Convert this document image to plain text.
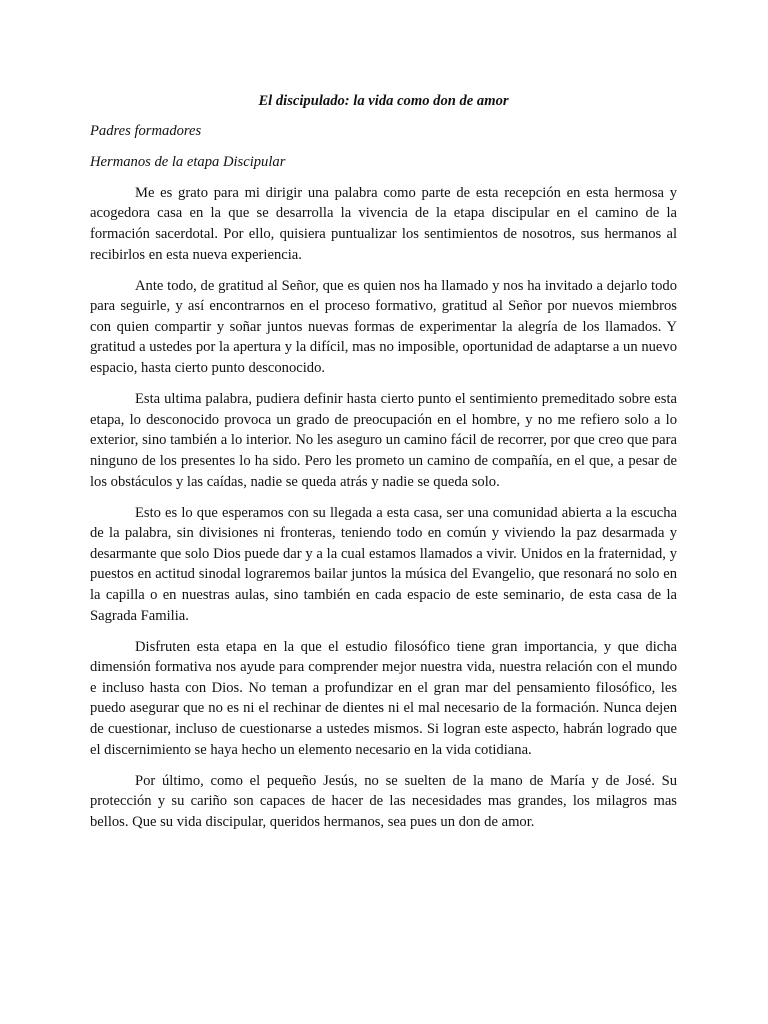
El discipulado: la vida como don de amor

Padres formadores

Hermanos de la etapa Discipular

Me es grato para mi dirigir una palabra como parte de esta recepción en esta hermosa y acogedora casa en la que se desarrolla la vivencia de la etapa discipular en el camino de la formación sacerdotal. Por ello, quisiera puntualizar los sentimientos de nosotros, sus hermanos al recibirlos en esta nueva experiencia.

Ante todo, de gratitud al Señor, que es quien nos ha llamado y nos ha invitado a dejarlo todo para seguirle, y así encontrarnos en el proceso formativo, gratitud al Señor por nuevos miembros con quien compartir y soñar juntos nuevas formas de experimentar la alegría de los llamados. Y gratitud a ustedes por la apertura y la difícil, mas no imposible, oportunidad de adaptarse a un nuevo espacio, hasta cierto punto desconocido.

Esta ultima palabra, pudiera definir hasta cierto punto el sentimiento premeditado sobre esta etapa, lo desconocido provoca un grado de preocupación en el hombre, y no me refiero solo a lo exterior, sino también a lo interior. No les aseguro un camino fácil de recorrer, por que creo que para ninguno de los presentes lo ha sido. Pero les prometo un camino de compañía, en el que, a pesar de los obstáculos y las caídas, nadie se queda atrás y nadie se queda solo.

Esto es lo que esperamos con su llegada a esta casa, ser una comunidad abierta a la escucha de la palabra, sin divisiones ni fronteras, teniendo todo en común y viviendo la paz desarmada y desarmante que solo Dios puede dar y a la cual estamos llamados a vivir. Unidos en la fraternidad, y puestos en actitud sinodal lograremos bailar juntos la música del Evangelio, que resonará no solo en la capilla o en nuestras aulas, sino también en cada espacio de este seminario, de esta casa de la Sagrada Familia.

Disfruten esta etapa en la que el estudio filosófico tiene gran importancia, y que dicha dimensión formativa nos ayude para comprender mejor nuestra vida, nuestra relación con el mundo e incluso hasta con Dios. No teman a profundizar en el gran mar del pensamiento filosófico, les puedo asegurar que no es ni el rechinar de dientes ni el mal necesario de la formación. Nunca dejen de cuestionar, incluso de cuestionarse a ustedes mismos. Si logran este aspecto, habrán logrado que el discernimiento se haya hecho un elemento necesario en la vida cotidiana.

Por último, como el pequeño Jesús, no se suelten de la mano de María y de José. Su protección y su cariño son capaces de hacer de las necesidades mas grandes, los milagros mas bellos. Que su vida discipular, queridos hermanos, sea pues un don de amor.
